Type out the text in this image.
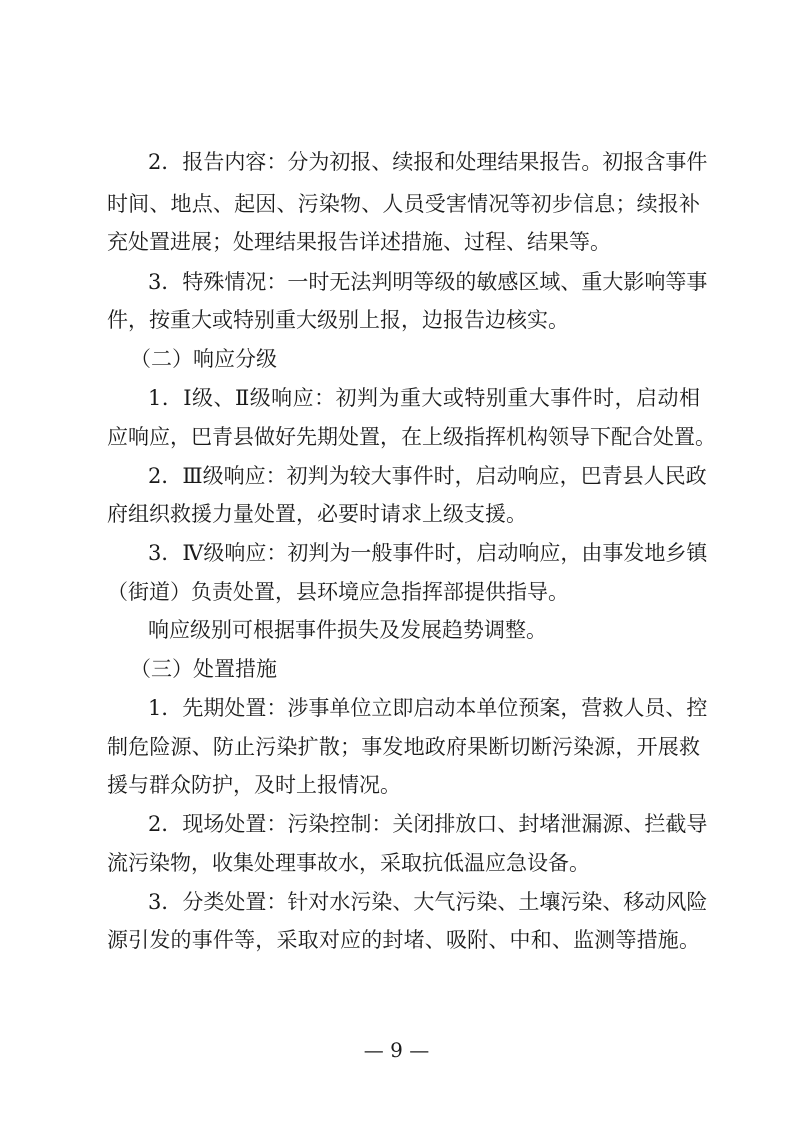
2．报告内容：分为初报、续报和处理结果报告。初报含事件
时间、地点、起因、污染物、人员受害情况等初步信息；续报补
充处置进展；处理结果报告详述措施、过程、结果等。
3．特殊情况：一时无法判明等级的敏感区域、重大影响等事
件，按重大或特别重大级别上报，边报告边核实。
（二）响应分级
1．Ⅰ级、Ⅱ级响应：初判为重大或特别重大事件时，启动相
应响应，巴青县做好先期处置，在上级指挥机构领导下配合处置。
2．Ⅲ级响应：初判为较大事件时，启动响应，巴青县人民政
府组织救援力量处置，必要时请求上级支援。
3．Ⅳ级响应：初判为一般事件时，启动响应，由事发地乡镇
（街道）负责处置，县环境应急指挥部提供指导。
响应级别可根据事件损失及发展趋势调整。
（三）处置措施
1．先期处置：涉事单位立即启动本单位预案，营救人员、控
制危险源、防止污染扩散；事发地政府果断切断污染源，开展救
援与群众防护，及时上报情况。
2．现场处置：污染控制：关闭排放口、封堵泄漏源、拦截导
流污染物，收集处理事故水，采取抗低温应急设备。
3．分类处置：针对水污染、大气污染、土壤污染、移动风险
源引发的事件等，采取对应的封堵、吸附、中和、监测等措施。
— 9 —
